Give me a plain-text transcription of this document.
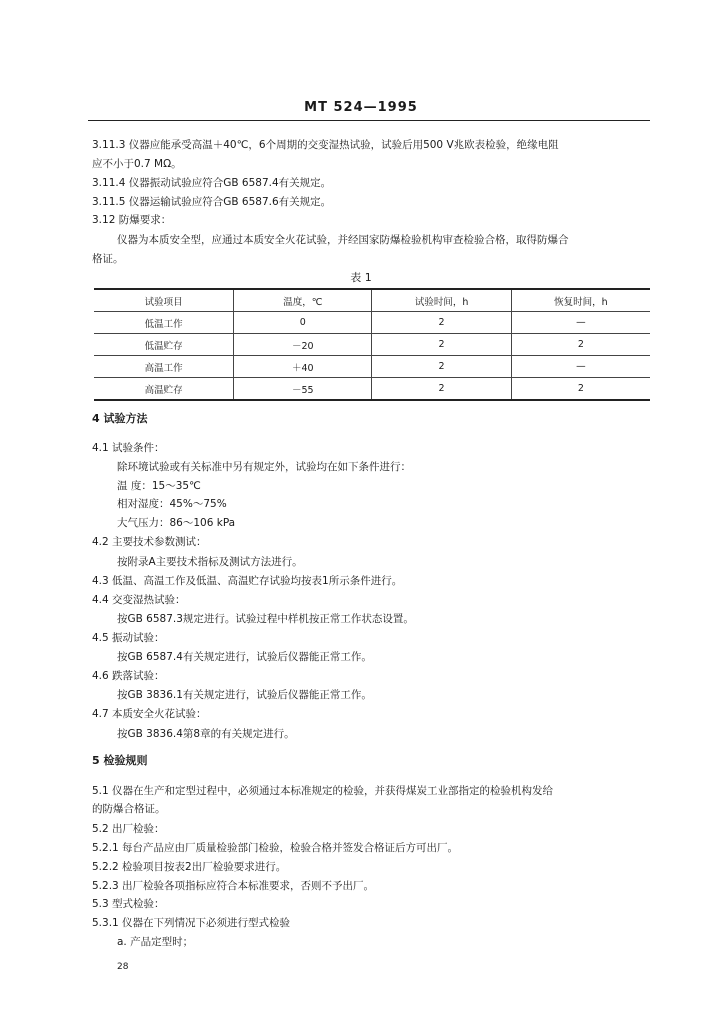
MT 524—1995
3.11.3 仪器应能承受高温＋40℃，6个周期的交变湿热试验，试验后用500 V兆欧表检验，绝缘电阻
应不小于0.7 MΩ。
3.11.4 仪器振动试验应符合GB 6587.4有关规定。
3.11.5 仪器运输试验应符合GB 6587.6有关规定。
3.12 防爆要求：
仪器为本质安全型，应通过本质安全火花试验，并经国家防爆检验机构审查检验合格，取得防爆合
格证。
表 1
试验项目	温度，℃	试验时间，h	恢复时间，h
低温工作	0	2	—
低温贮存	－20	2	2
高温工作	＋40	2	—
高温贮存	－55	2	2
4 试验方法
4.1 试验条件：
除环境试验或有关标准中另有规定外，试验均在如下条件进行：
温 度：15～35℃
相对湿度：45%～75%
大气压力：86～106 kPa
4.2 主要技术参数测试：
按附录A主要技术指标及测试方法进行。
4.3 低温、高温工作及低温、高温贮存试验均按表1所示条件进行。
4.4 交变湿热试验：
按GB 6587.3规定进行。试验过程中样机按正常工作状态设置。
4.5 振动试验：
按GB 6587.4有关规定进行，试验后仪器能正常工作。
4.6 跌落试验：
按GB 3836.1有关规定进行，试验后仪器能正常工作。
4.7 本质安全火花试验：
按GB 3836.4第8章的有关规定进行。
5 检验规则
5.1 仪器在生产和定型过程中，必须通过本标准规定的检验，并获得煤炭工业部指定的检验机构发给
的防爆合格证。
5.2 出厂检验：
5.2.1 每台产品应由厂质量检验部门检验，检验合格并签发合格证后方可出厂。
5.2.2 检验项目按表2出厂检验要求进行。
5.2.3 出厂检验各项指标应符合本标准要求，否则不予出厂。
5.3 型式检验：
5.3.1 仪器在下列情况下必须进行型式检验
a. 产品定型时；
28
